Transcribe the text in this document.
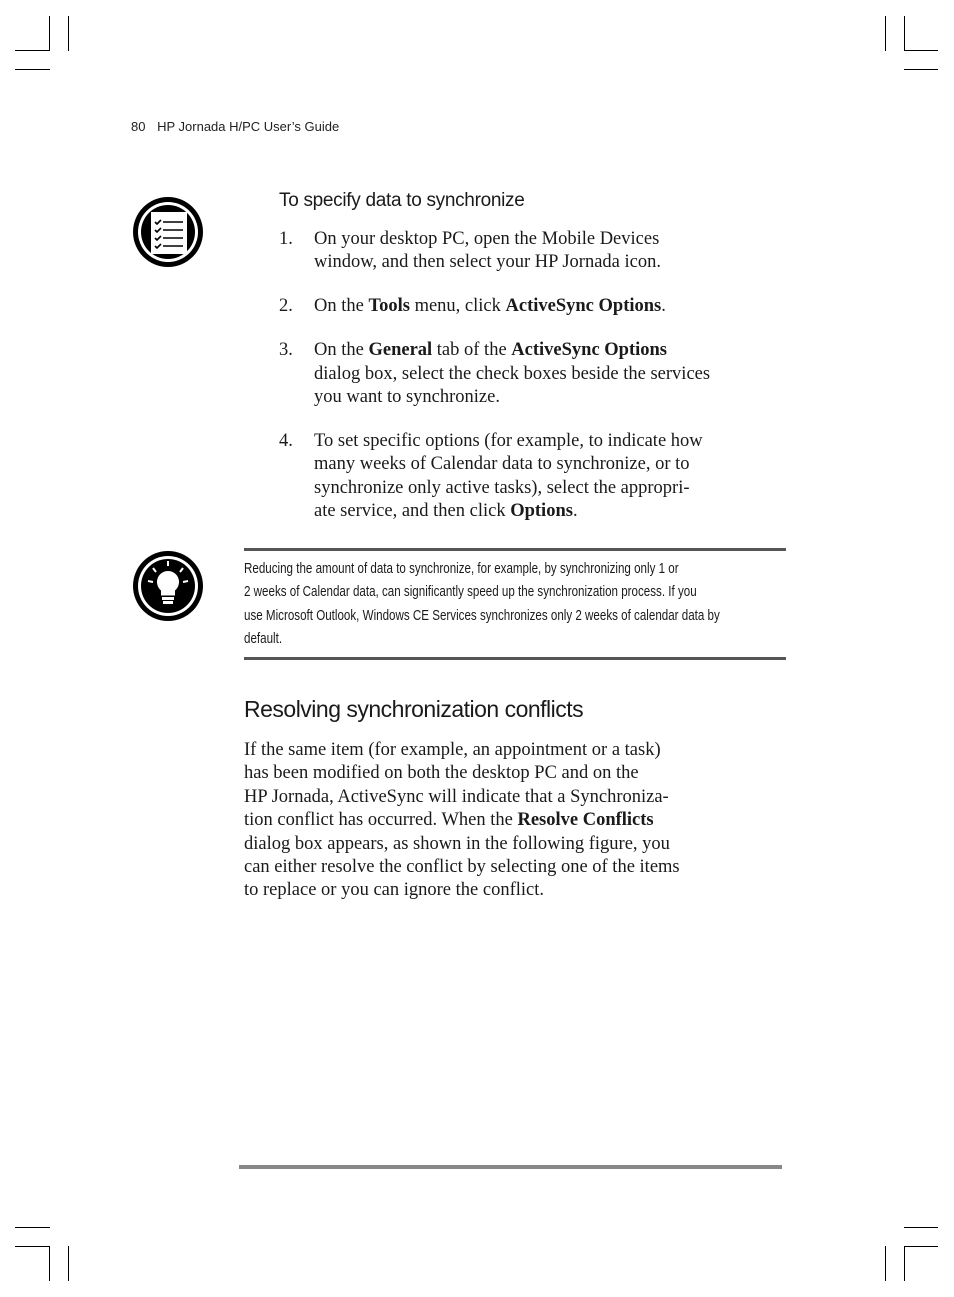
80 HP Jornada H/PC User’s Guide
To specify data to synchronize
1. On your desktop PC, open the Mobile Devices
window, and then select your HP Jornada icon.
2. On the Tools menu, click ActiveSync Options.
3. On the General tab of the ActiveSync Options
dialog box, select the check boxes beside the services
you want to synchronize.
4. To set specific options (for example, to indicate how
many weeks of Calendar data to synchronize, or to
synchronize only active tasks), select the appropri-
ate service, and then click Options.
Reducing the amount of data to synchronize, for example, by synchronizing only 1 or
2 weeks of Calendar data, can significantly speed up the synchronization process. If you
use Microsoft Outlook, Windows CE Services synchronizes only 2 weeks of calendar data by
default.
Resolving synchronization conflicts

If the same item (for example, an appointment or a task)
has been modified on both the desktop PC and on the
HP Jornada, ActiveSync will indicate that a Synchroniza-
tion conflict has occurred. When the Resolve Conflicts
dialog box appears, as shown in the following figure, you
can either resolve the conflict by selecting one of the items
to replace or you can ignore the conflict.
